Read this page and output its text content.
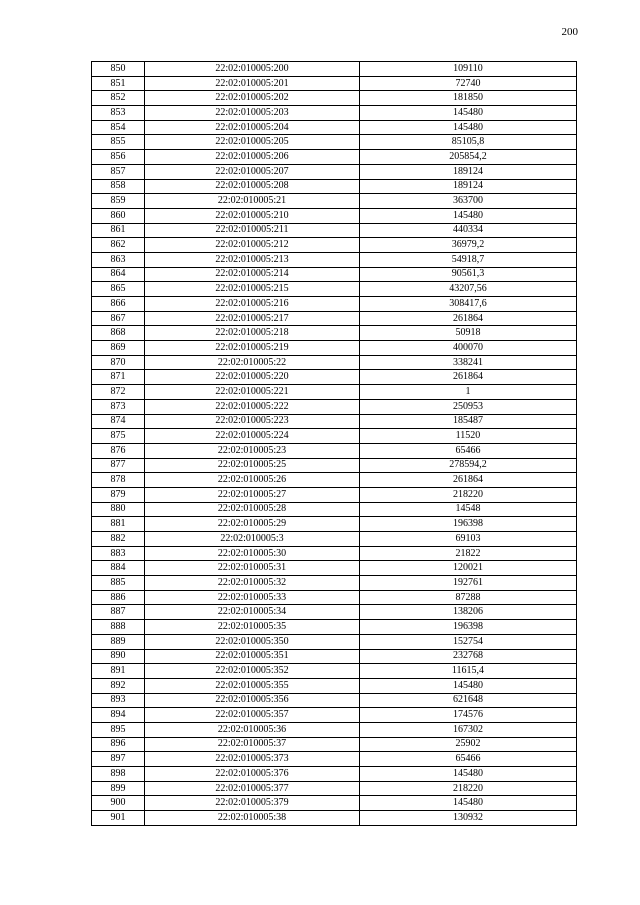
200
850	22:02:010005:200	109110
851	22:02:010005:201	72740
852	22:02:010005:202	181850
853	22:02:010005:203	145480
854	22:02:010005:204	145480
855	22:02:010005:205	85105,8
856	22:02:010005:206	205854,2
857	22:02:010005:207	189124
858	22:02:010005:208	189124
859	22:02:010005:21	363700
860	22:02:010005:210	145480
861	22:02:010005:211	440334
862	22:02:010005:212	36979,2
863	22:02:010005:213	54918,7
864	22:02:010005:214	90561,3
865	22:02:010005:215	43207,56
866	22:02:010005:216	308417,6
867	22:02:010005:217	261864
868	22:02:010005:218	50918
869	22:02:010005:219	400070
870	22:02:010005:22	338241
871	22:02:010005:220	261864
872	22:02:010005:221	1
873	22:02:010005:222	250953
874	22:02:010005:223	185487
875	22:02:010005:224	11520
876	22:02:010005:23	65466
877	22:02:010005:25	278594,2
878	22:02:010005:26	261864
879	22:02:010005:27	218220
880	22:02:010005:28	14548
881	22:02:010005:29	196398
882	22:02:010005:3	69103
883	22:02:010005:30	21822
884	22:02:010005:31	120021
885	22:02:010005:32	192761
886	22:02:010005:33	87288
887	22:02:010005:34	138206
888	22:02:010005:35	196398
889	22:02:010005:350	152754
890	22:02:010005:351	232768
891	22:02:010005:352	11615,4
892	22:02:010005:355	145480
893	22:02:010005:356	621648
894	22:02:010005:357	174576
895	22:02:010005:36	167302
896	22:02:010005:37	25902
897	22:02:010005:373	65466
898	22:02:010005:376	145480
899	22:02:010005:377	218220
900	22:02:010005:379	145480
901	22:02:010005:38	130932
